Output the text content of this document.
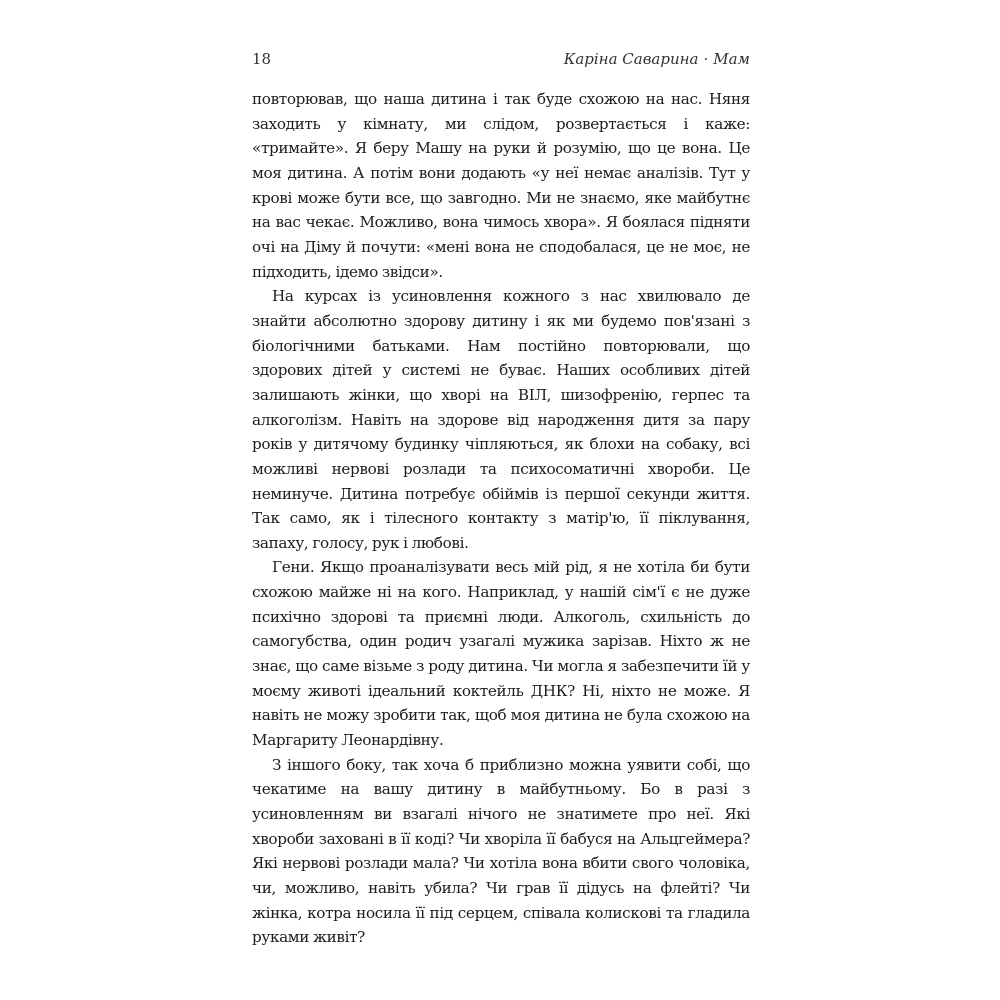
18	Каріна Саварина · Мам

повторював, що наша дитина і так буде схожою на нас. Няня заходить у кімнату, ми слідом, розвертається і каже: «тримайте». Я беру Машу на руки й розумію, що це вона. Це моя дитина. А потім вони додають «у неї немає аналізів. Тут у крові може бути все, що завгодно. Ми не знаємо, яке майбутнє на вас чекає. Можливо, вона чимось хвора». Я боялася підняти очі на Діму й почути: «мені вона не сподобалася, це не моє, не підходить, ідемо звідси».

На курсах із усиновлення кожного з нас хвилювало де знайти абсолютно здорову дитину і як ми будемо пов'язані з біологічними батьками. Нам постійно повторювали, що здорових дітей у системі не буває. Наших особливих дітей залишають жінки, що хворі на ВІЛ, шизофренію, герпес та алкоголізм. Навіть на здорове від народження дитя за пару років у дитячому будинку чіпляються, як блохи на собаку, всі можливі нервові розлади та психосоматичні хвороби. Це неминуче. Дитина потребує обіймів із першої секунди життя. Так само, як і тілесного контакту з матір'ю, її піклування, запаху, голосу, рук і любові.

Гени. Якщо проаналізувати весь мій рід, я не хотіла би бути схожою майже ні на кого. Наприклад, у нашій сім'ї є не дуже психічно здорові та приємні люди. Алкоголь, схильність до самогубства, один родич узагалі мужика зарізав. Ніхто ж не знає, що саме візьме з роду дитина. Чи могла я забезпечити їй у моєму животі ідеальний коктейль ДНК? Ні, ніхто не може. Я навіть не можу зробити так, щоб моя дитина не була схожою на Маргариту Леонардівну.

З іншого боку, так хоча б приблизно можна уявити собі, що чекатиме на вашу дитину в майбутньому. Бо в разі з усиновленням ви взагалі нічого не знатимете про неї. Які хвороби заховані в її коді? Чи хворіла її бабуся на Альцгеймера? Які нервові розлади мала? Чи хотіла вона вбити свого чоловіка, чи, можливо, навіть убила? Чи грав її дідусь на флейті? Чи жінка, котра носила її під серцем, співала колискові та гладила руками живіт?
